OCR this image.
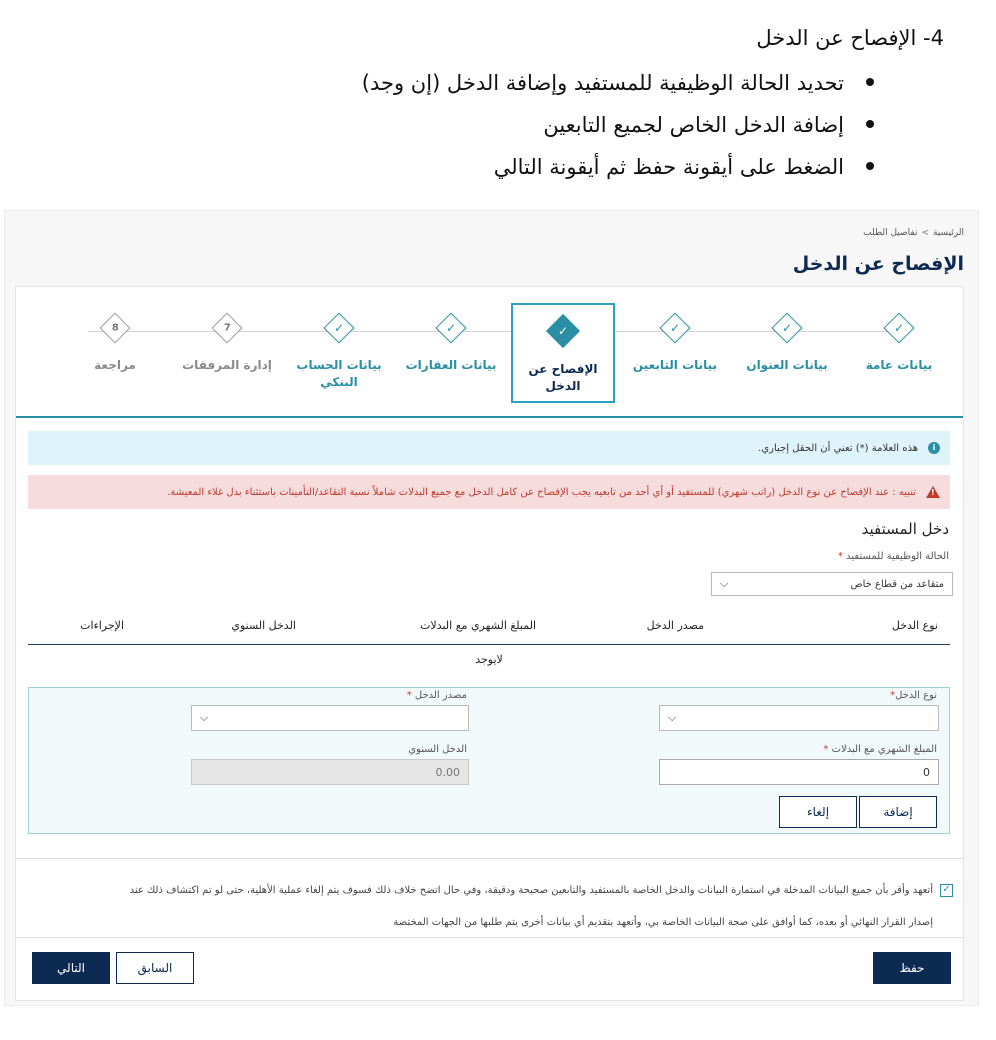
4- الإفصاح عن الدخل
تحديد الحالة الوظيفية للمستفيد وإضافة الدخل (إن وجد)
إضافة الدخل الخاص لجميع التابعين
الضغط على أيقونة حفظ ثم أيقونة التالي
الرئيسية>تفاصيل الطلب
الإفصاح عن الدخل
✓
بيانات عامة
✓
بيانات العنوان
✓
بيانات التابعين
✓
الإفصاح عن الدخل
✓
بيانات العقارات
✓
بيانات الحساب البنكي
7
إدارة المرفقات
8
مراجعة
i
هذه العلامة (*) تعني أن الحقل إجباري.
!
تنبيه : عند الإفصاح عن نوع الدخل (راتب شهري) للمستفيد أو أي أحد من تابعيه يجب الإفصاح عن كامل الدخل مع جميع البدلات شاملاً نسبة التقاعد/التأمينات باستثناء بدل غلاء المعيشة.
دخل المستفيد
الحالة الوظيفية للمستفيد *
متقاعد من قطاع خاص
⌵
نوع الدخل
مصدر الدخل
المبلغ الشهري مع البدلات
الدخل السنوي
الإجراءات
لايوجد
نوع الدخل*
⌵
مصدر الدخل *
⌵
المبلغ الشهري مع البدلات *
0
الدخل السنوي
0.00
إضافة
إلغاء
✓

أتعهد وأقر بأن جميع البيانات المدخلة في استمارة البيانات والدخل الخاصة بالمستفيد والتابعين صحيحة ودقيقة، وفي حال اتضح خلاف ذلك فسوف يتم إلغاء عملية الأهلية، حتى لو تم اكتشاف ذلك عند

إصدار القرار النهائي أو بعده، كما أوافق على صحة البيانات الخاصة بي، وأتعهد بتقديم أي بيانات أخرى يتم طلبها من الجهات المختصة

حفظ
السابق
التالي
